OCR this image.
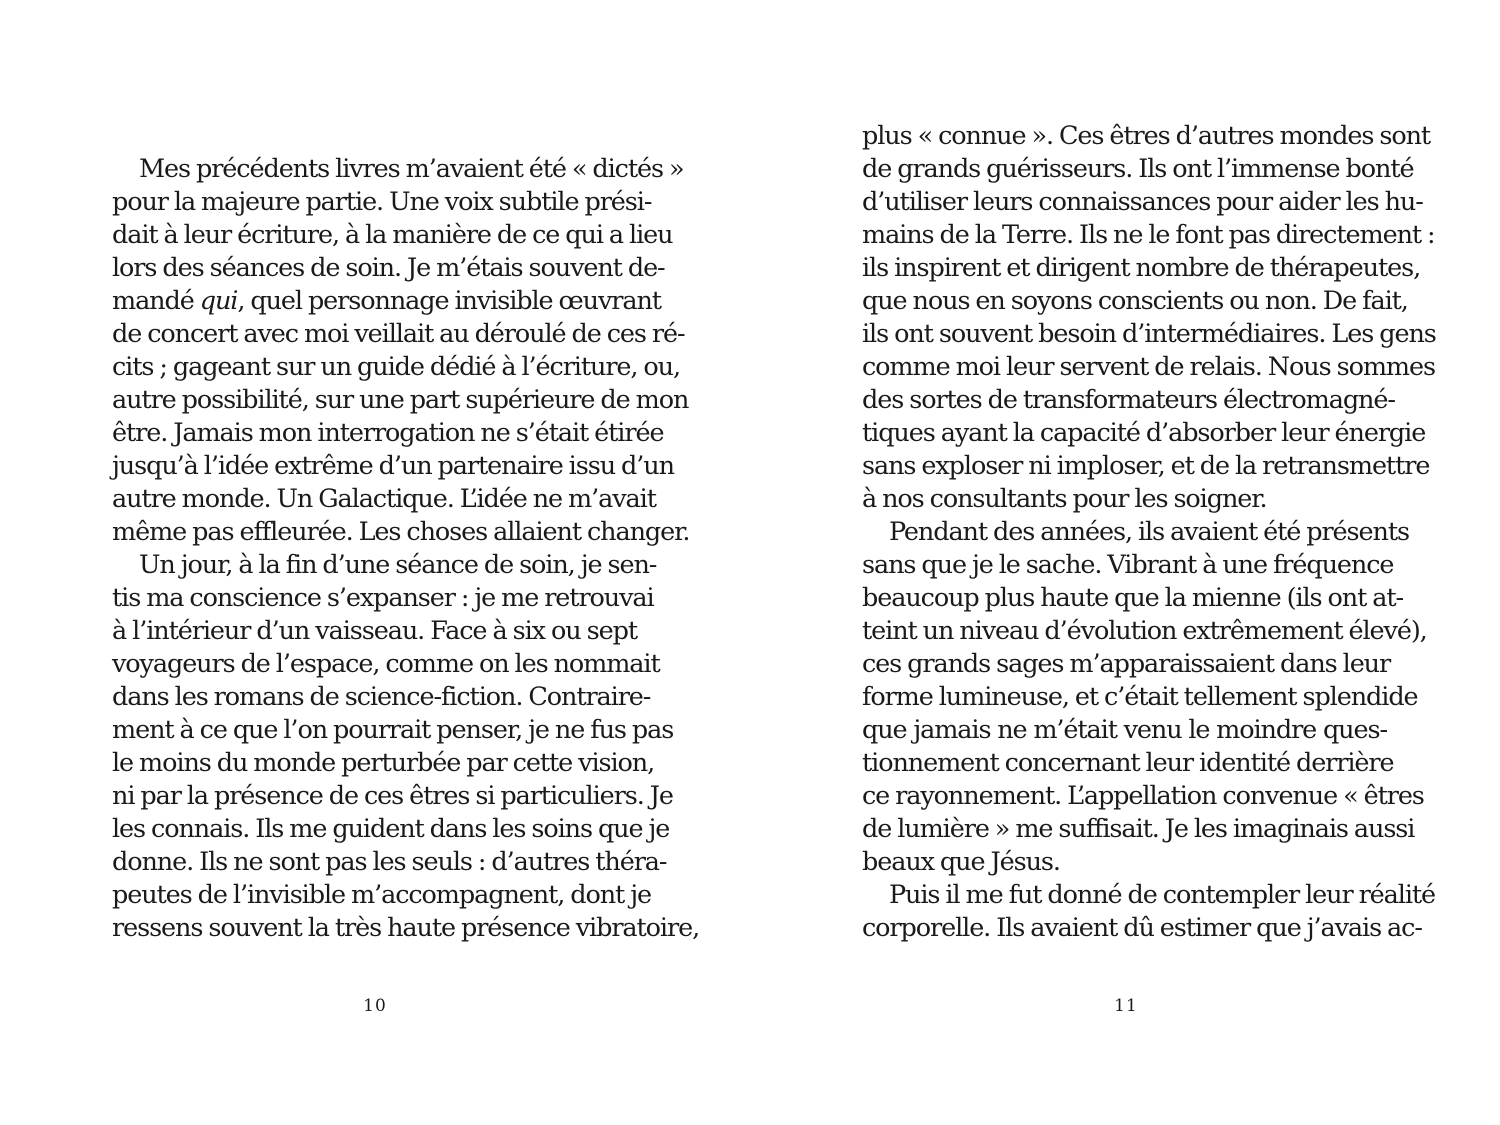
Mes précédents livres m’avaient été « dictés »
pour la majeure partie. Une voix subtile prési-
dait à leur écriture, à la manière de ce qui a lieu
lors des séances de soin. Je m’étais souvent de-
mandé qui, quel personnage invisible œuvrant
de concert avec moi veillait au déroulé de ces ré-
cits ; gageant sur un guide dédié à l’écriture, ou,
autre possibilité, sur une part supérieure de mon
être. Jamais mon interrogation ne s’était étirée
jusqu’à l’idée extrême d’un partenaire issu d’un
autre monde. Un Galactique. L’idée ne m’avait
même pas effleurée. Les choses allaient changer.
Un jour, à la fin d’une séance de soin, je sen-
tis ma conscience s’expanser : je me retrouvai
à l’intérieur d’un vaisseau. Face à six ou sept
voyageurs de l’espace, comme on les nommait
dans les romans de science-fiction. Contraire-
ment à ce que l’on pourrait penser, je ne fus pas
le moins du monde perturbée par cette vision,
ni par la présence de ces êtres si particuliers. Je
les connais. Ils me guident dans les soins que je
donne. Ils ne sont pas les seuls : d’autres théra-
peutes de l’invisible m’accompagnent, dont je
ressens souvent la très haute présence vibratoire,
10
plus « connue ». Ces êtres d’autres mondes sont
de grands guérisseurs. Ils ont l’immense bonté
d’utiliser leurs connaissances pour aider les hu-
mains de la Terre. Ils ne le font pas directement :
ils inspirent et dirigent nombre de thérapeutes,
que nous en soyons conscients ou non. De fait,
ils ont souvent besoin d’intermédiaires. Les gens
comme moi leur servent de relais. Nous sommes
des sortes de transformateurs électromagné-
tiques ayant la capacité d’absorber leur énergie
sans exploser ni imploser, et de la retransmettre
à nos consultants pour les soigner.
Pendant des années, ils avaient été présents
sans que je le sache. Vibrant à une fréquence
beaucoup plus haute que la mienne (ils ont at-
teint un niveau d’évolution extrêmement élevé),
ces grands sages m’apparaissaient dans leur
forme lumineuse, et c’était tellement splendide
que jamais ne m’était venu le moindre ques-
tionnement concernant leur identité derrière
ce rayonnement. L’appellation convenue « êtres
de lumière » me suffisait. Je les imaginais aussi
beaux que Jésus.
Puis il me fut donné de contempler leur réalité
corporelle. Ils avaient dû estimer que j’avais ac-
11
